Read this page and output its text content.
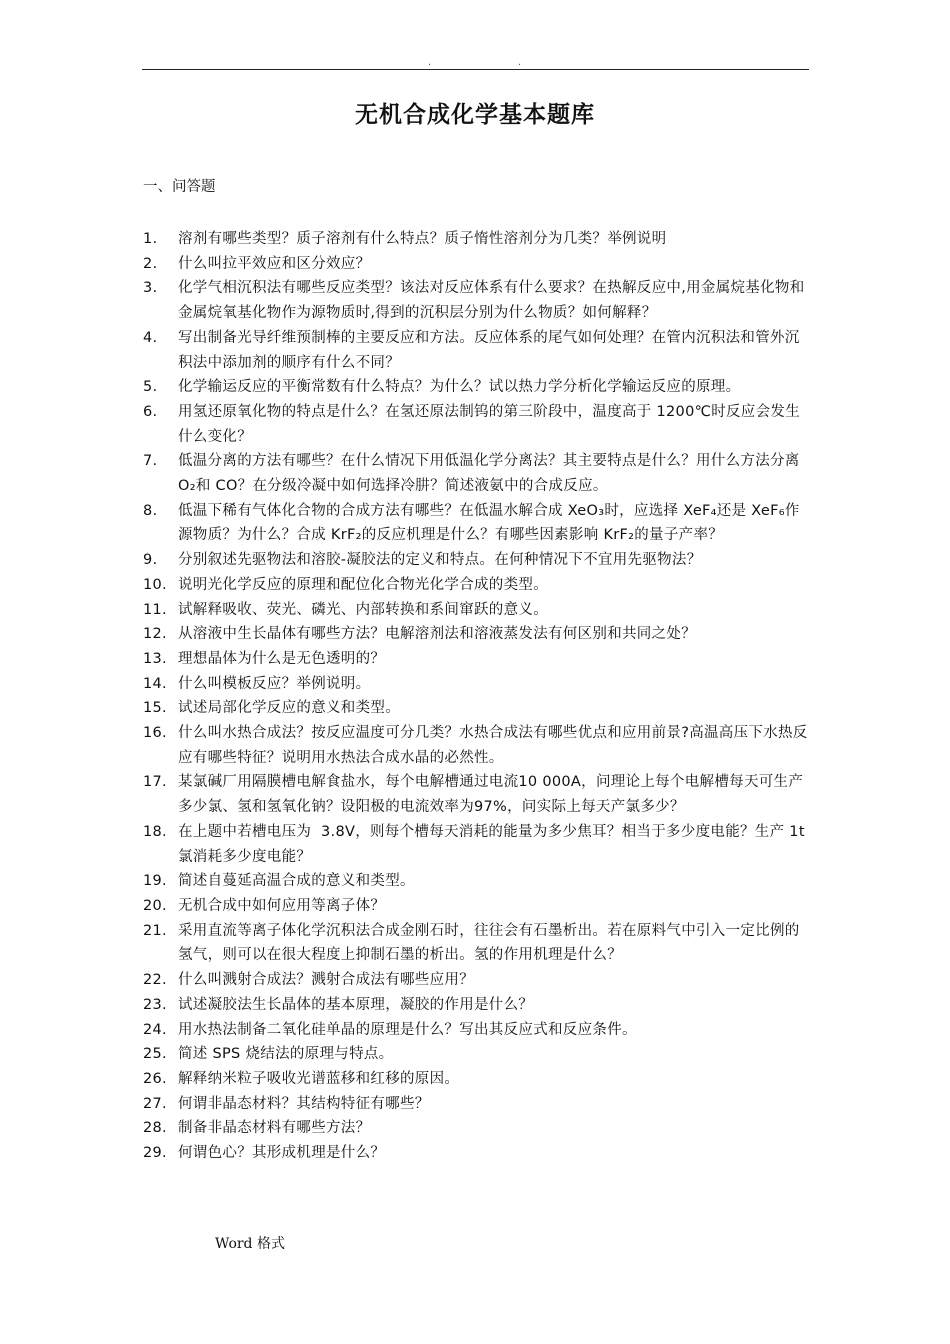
.	.
无机合成化学基本题库
一、问答题
1. 溶剂有哪些类型？质子溶剂有什么特点？质子惰性溶剂分为几类？举例说明
2. 什么叫拉平效应和区分效应？
3. 化学气相沉积法有哪些反应类型？该法对反应体系有什么要求？在热解反应中,用金属烷基化物和金属烷氧基化物作为源物质时,得到的沉积层分别为什么物质？如何解释？
4. 写出制备光导纤维预制棒的主要反应和方法。反应体系的尾气如何处理？在管内沉积法和管外沉积法中添加剂的顺序有什么不同？
5. 化学输运反应的平衡常数有什么特点？为什么？试以热力学分析化学输运反应的原理。
6. 用氢还原氧化物的特点是什么？在氢还原法制钨的第三阶段中，温度高于 1200℃时反应会发生什么变化？
7. 低温分离的方法有哪些？在什么情况下用低温化学分离法？其主要特点是什么？用什么方法分离 O₂和 CO？在分级冷凝中如何选择冷肼？简述液氨中的合成反应。
8. 低温下稀有气体化合物的合成方法有哪些？在低温水解合成 XeO₃时，应选择 XeF₄还是 XeF₆作源物质？为什么？合成 KrF₂的反应机理是什么？有哪些因素影响 KrF₂的量子产率？
9. 分别叙述先驱物法和溶胶-凝胶法的定义和特点。在何种情况下不宜用先驱物法？
10. 说明光化学反应的原理和配位化合物光化学合成的类型。
11. 试解释吸收、荧光、磷光、内部转换和系间窜跃的意义。
12. 从溶液中生长晶体有哪些方法？电解溶剂法和溶液蒸发法有何区别和共同之处？
13. 理想晶体为什么是无色透明的？
14. 什么叫模板反应？举例说明。
15. 试述局部化学反应的意义和类型。
16. 什么叫水热合成法？按反应温度可分几类？水热合成法有哪些优点和应用前景?高温高压下水热反应有哪些特征？说明用水热法合成水晶的必然性。
17. 某氯碱厂用隔膜槽电解食盐水，每个电解槽通过电流10 000A，问理论上每个电解槽每天可生产多少氯、氢和氢氧化钠？设阳极的电流效率为97%，问实际上每天产氯多少？
18. 在上题中若槽电压为  3.8V，则每个槽每天消耗的能量为多少焦耳？相当于多少度电能？生产 1t 氯消耗多少度电能？
19. 简述自蔓延高温合成的意义和类型。
20. 无机合成中如何应用等离子体？
21. 采用直流等离子体化学沉积法合成金刚石时，往往会有石墨析出。若在原料气中引入一定比例的氢气，则可以在很大程度上抑制石墨的析出。氢的作用机理是什么？
22. 什么叫溅射合成法？溅射合成法有哪些应用？
23. 试述凝胶法生长晶体的基本原理，凝胶的作用是什么？
24. 用水热法制备二氧化硅单晶的原理是什么？写出其反应式和反应条件。
25. 简述 SPS 烧结法的原理与特点。
26. 解释纳米粒子吸收光谱蓝移和红移的原因。
27. 何谓非晶态材料？其结构特征有哪些？
28. 制备非晶态材料有哪些方法？
29. 何谓色心？其形成机理是什么？
Word 格式
